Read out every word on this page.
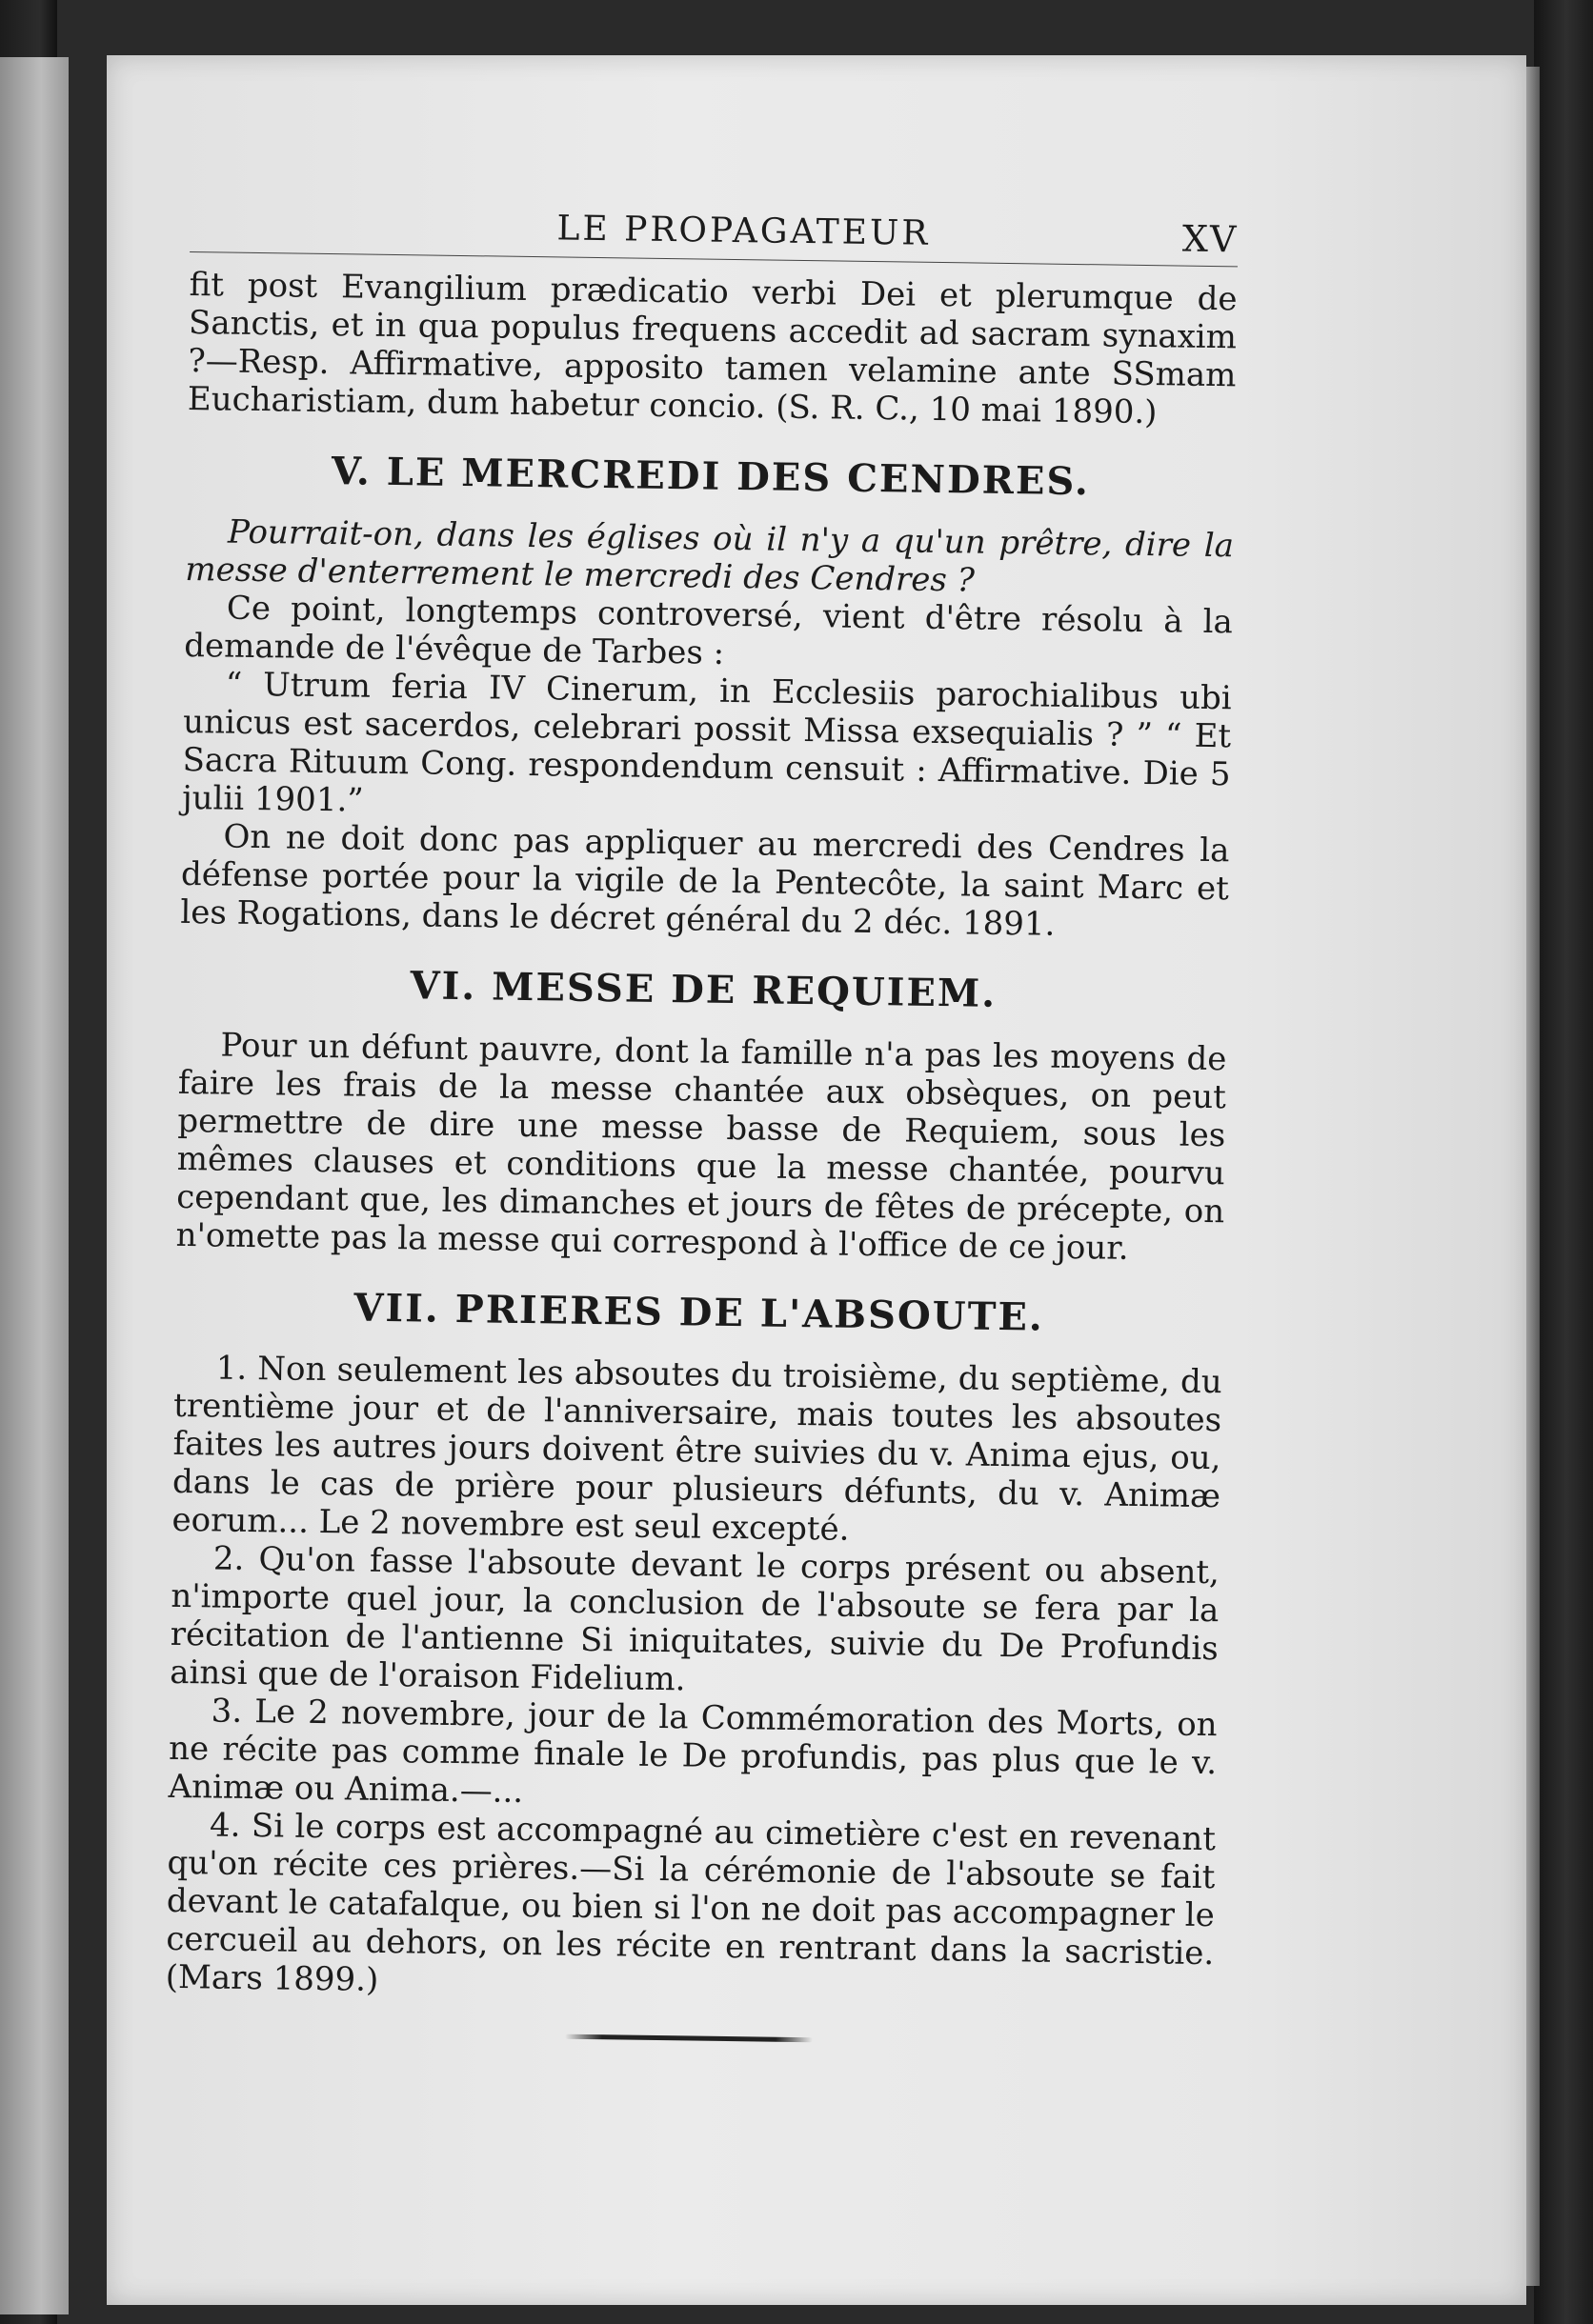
LE PROPAGATEUR	XV

fit post Evangilium prædicatio verbi Dei et plerumque de Sanctis, et in qua populus frequens accedit ad sacram synaxim ?—Resp. Affirmative, apposito tamen velamine ante SSmam Eucharistiam, dum habetur concio. (S. R. C., 10 mai 1890.)

V. LE MERCREDI DES CENDRES.

Pourrait-on, dans les églises où il n'y a qu'un prêtre, dire la messe d'enterrement le mercredi des Cendres ?

Ce point, longtemps controversé, vient d'être résolu à la demande de l'évêque de Tarbes :

“ Utrum feria IV Cinerum, in Ecclesiis parochialibus ubi unicus est sacerdos, celebrari possit Missa exsequialis ? ” “ Et Sacra Rituum Cong. respondendum censuit : Affirmative. Die 5 julii 1901.”

On ne doit donc pas appliquer au mercredi des Cendres la défense portée pour la vigile de la Pentecôte, la saint Marc et les Rogations, dans le décret général du 2 déc. 1891.

VI. MESSE DE REQUIEM.

Pour un défunt pauvre, dont la famille n'a pas les moyens de faire les frais de la messe chantée aux obsèques, on peut permettre de dire une messe basse de Requiem, sous les mêmes clauses et conditions que la messe chantée, pourvu cependant que, les dimanches et jours de fêtes de précepte, on n'omette pas la messe qui correspond à l'office de ce jour.

VII. PRIERES DE L'ABSOUTE.

1. Non seulement les absoutes du troisième, du septième, du trentième jour et de l'anniversaire, mais toutes les absoutes faites les autres jours doivent être suivies du v. Anima ejus, ou, dans le cas de prière pour plusieurs défunts, du v. Animæ eorum... Le 2 novembre est seul excepté.

2. Qu'on fasse l'absoute devant le corps présent ou absent, n'importe quel jour, la conclusion de l'absoute se fera par la récitation de l'antienne Si iniquitates, suivie du De Profundis ainsi que de l'oraison Fidelium.

3. Le 2 novembre, jour de la Commémoration des Morts, on ne récite pas comme finale le De profundis, pas plus que le v. Animæ ou Anima.—...

4. Si le corps est accompagné au cimetière c'est en revenant qu'on récite ces prières.—Si la cérémonie de l'absoute se fait devant le catafalque, ou bien si l'on ne doit pas accompagner le cercueil au dehors, on les récite en rentrant dans la sacristie. (Mars 1899.)
